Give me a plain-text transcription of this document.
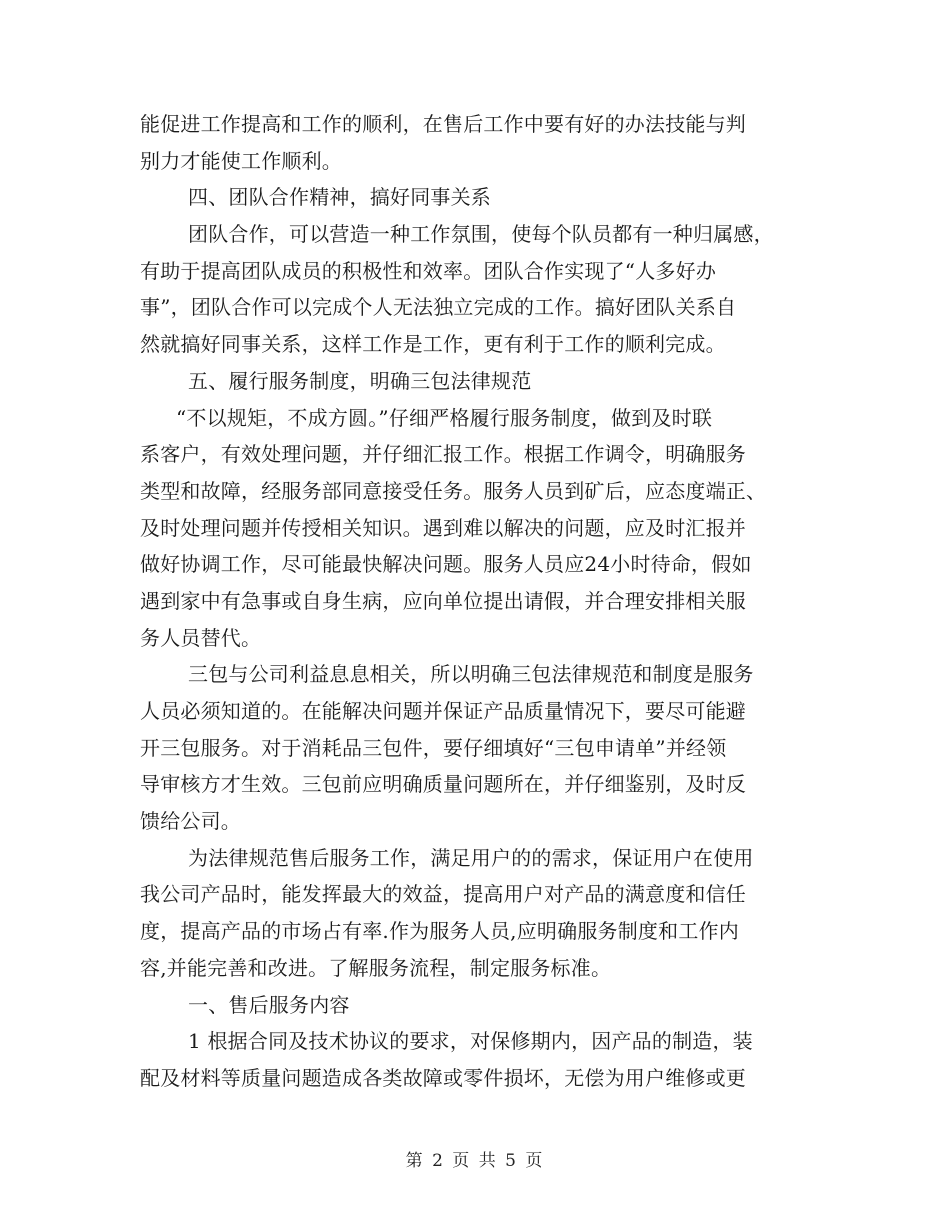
能促进工作提高和工作的顺利，在售后工作中要有好的办法技能与判
别力才能使工作顺利。
四、团队合作精神，搞好同事关系
团队合作，可以营造一种工作氛围，使每个队员都有一种归属感，
有助于提高团队成员的积极性和效率。团队合作实现了“人多好办
事”，团队合作可以完成个人无法独立完成的工作。搞好团队关系自
然就搞好同事关系，这样工作是工作，更有利于工作的顺利完成。
五、履行服务制度，明确三包法律规范
“不以规矩，不成方圆。”仔细严格履行服务制度，做到及时联
系客户，有效处理问题，并仔细汇报工作。根据工作调令，明确服务
类型和故障，经服务部同意接受任务。服务人员到矿后，应态度端正、
及时处理问题并传授相关知识。遇到难以解决的问题，应及时汇报并
做好协调工作，尽可能最快解决问题。服务人员应24小时待命，假如
遇到家中有急事或自身生病，应向单位提出请假，并合理安排相关服
务人员替代。
三包与公司利益息息相关，所以明确三包法律规范和制度是服务
人员必须知道的。在能解决问题并保证产品质量情况下，要尽可能避
开三包服务。对于消耗品三包件，要仔细填好“三包申请单”并经领
导审核方才生效。三包前应明确质量问题所在，并仔细鉴别，及时反
馈给公司。
为法律规范售后服务工作，满足用户的的需求，保证用户在使用
我公司产品时，能发挥最大的效益，提高用户对产品的满意度和信任
度，提高产品的市场占有率.作为服务人员,应明确服务制度和工作内
容,并能完善和改进。了解服务流程，制定服务标准。
一、售后服务内容
1 根据合同及技术协议的要求，对保修期内，因产品的制造，装
配及材料等质量问题造成各类故障或零件损坏，无偿为用户维修或更
第 2 页 共 5 页
